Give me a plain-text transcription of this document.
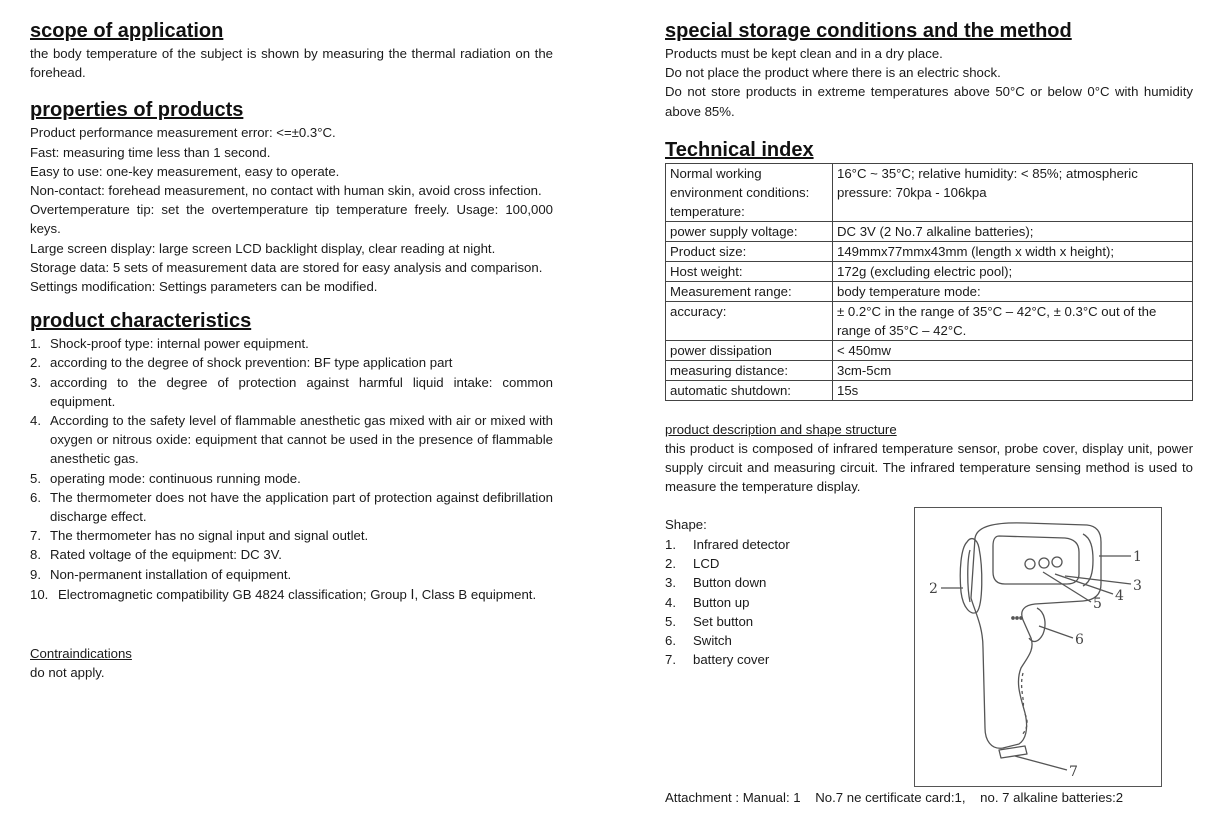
scope of application

the body temperature of the subject is shown by measuring the thermal radiation on the forehead.

properties of products

Product performance measurement error: <=±0.3°C.

Fast: measuring time less than 1 second.

Easy to use: one-key measurement, easy to operate.

Non-contact: forehead measurement, no contact with human skin, avoid cross infection.

Overtemperature tip: set the overtemperature tip temperature freely. Usage: 100,000 keys.

Large screen display: large screen LCD backlight display, clear reading at night.

Storage data: 5 sets of measurement data are stored for easy analysis and comparison.

Settings modification: Settings parameters can be modified.

product characteristics
1. Shock-proof type: internal power equipment.
2. according to the degree of shock prevention: BF type application part
3. according to the degree of protection against harmful liquid intake: common equipment.
4. According to the safety level of flammable anesthetic gas mixed with air or mixed with oxygen or nitrous oxide: equipment that cannot be used in the presence of flammable anesthetic gas.
5. operating mode: continuous running mode.
6. The thermometer does not have the application part of protection against defibrillation discharge effect.
7. The thermometer has no signal input and signal outlet.
8. Rated voltage of the equipment: DC 3V.
9. Non-permanent installation of equipment.
10. Electromagnetic compatibility GB 4824 classification; Group Ⅰ, Class B equipment.
Contraindications

do not apply.

special storage conditions and the method

Products must be kept clean and in a dry place.

Do not place the product where there is an electric shock.

Do not store products in extreme temperatures above 50°C or below 0°C with humidity above 85%.

Technical index
Normal working environment conditions: temperature:	16°C ~ 35°C; relative humidity: < 85%; atmospheric pressure: 70kpa - 106kpa
power supply voltage:	DC 3V (2 No.7 alkaline batteries);
Product size:	149mmx77mmx43mm (length x width x height);
Host weight:	172g (excluding electric pool);
Measurement range:	body temperature mode:
accuracy:	± 0.2°C in the range of 35°C – 42°C, ± 0.3°C out of the range of 35°C – 42°C.
power dissipation	< 450mw
measuring distance:	3cm-5cm
automatic shutdown:	15s
product description and shape structure

this product is composed of infrared temperature sensor, probe cover, display unit, power supply circuit and measuring circuit. The infrared temperature sensing method is used to measure the temperature display.

Shape:
1. Infrared detector
2. LCD
3. Button down
4. Button up
5. Set button
6. Switch
7. battery cover
1
2	3
4
5
6
7
Attachment : Manual: 1    No.7 ne certificate card:1,    no. 7 alkaline batteries:2
